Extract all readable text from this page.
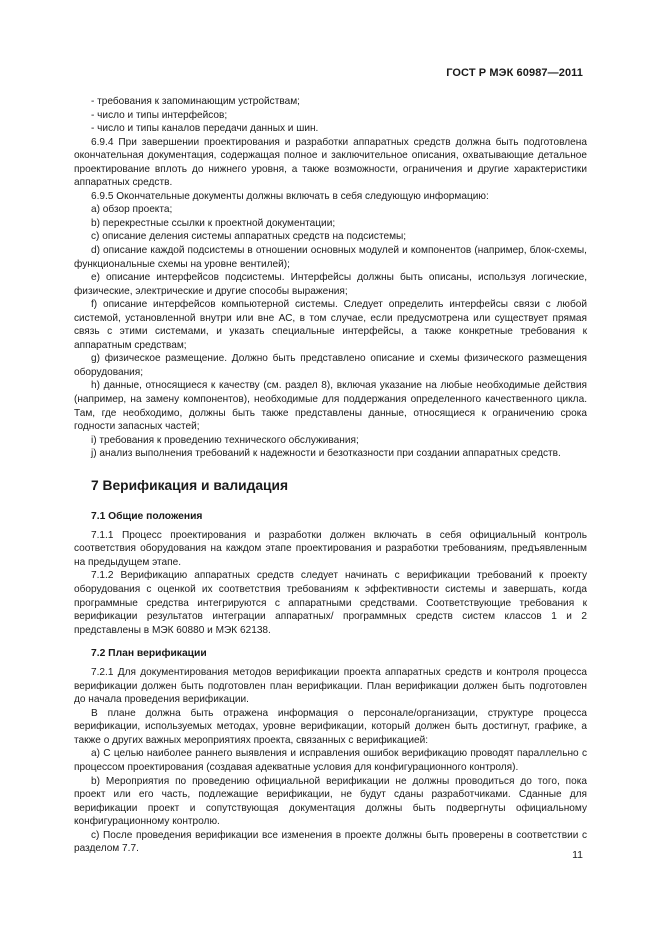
ГОСТ Р МЭК 60987—2011

- требования к запоминающим устройствам;

- число и типы интерфейсов;

- число и типы каналов передачи данных и шин.

6.9.4 При завершении проектирования и разработки аппаратных средств должна быть подготовлена окончательная документация, содержащая полное и заключительное описания, охватывающие детальное проектирование вплоть до нижнего уровня, а также возможности, ограничения и другие характеристики аппаратных средств.

6.9.5 Окончательные документы должны включать в себя следующую информацию:

a) обзор проекта;

b) перекрестные ссылки к проектной документации;

c) описание деления системы аппаратных средств на подсистемы;

d) описание каждой подсистемы в отношении основных модулей и компонентов (например, блок-схемы, функциональные схемы на уровне вентилей);

e) описание интерфейсов подсистемы. Интерфейсы должны быть описаны, используя логические, физические, электрические и другие способы выражения;

f) описание интерфейсов компьютерной системы. Следует определить интерфейсы связи с любой системой, установленной внутри или вне АС, в том случае, если предусмотрена или существует прямая связь с этими системами, и указать специальные интерфейсы, а также конкретные требования к аппаратным средствам;

g) физическое размещение. Должно быть представлено описание и схемы физического размещения оборудования;

h) данные, относящиеся к качеству (см. раздел 8), включая указание на любые необходимые действия (например, на замену компонентов), необходимые для поддержания определенного качественного цикла. Там, где необходимо, должны быть также представлены данные, относящиеся к ограничению срока годности запасных частей;

i) требования к проведению технического обслуживания;

j) анализ выполнения требований к надежности и безотказности при создании аппаратных средств.

7 Верификация и валидация
7.1 Общие положения

7.1.1 Процесс проектирования и разработки должен включать в себя официальный контроль соответствия оборудования на каждом этапе проектирования и разработки требованиям, предъявленным на предыдущем этапе.

7.1.2 Верификацию аппаратных средств следует начинать с верификации требований к проекту оборудования с оценкой их соответствия требованиям к эффективности системы и завершать, когда программные средства интегрируются с аппаратными средствами. Соответствующие требования к верификации результатов интеграции аппаратных/ программных средств систем классов 1 и 2 представлены в МЭК 60880 и МЭК 62138.

7.2 План верификации

7.2.1 Для документирования методов верификации проекта аппаратных средств и контроля процесса верификации должен быть подготовлен план верификации. План верификации должен быть подготовлен до начала проведения верификации.

В плане должна быть отражена информация о персонале/организации, структуре процесса верификации, используемых методах, уровне верификации, который должен быть достигнут, графике, а также о других важных мероприятиях проекта, связанных с верификацией:

a) С целью наиболее раннего выявления и исправления ошибок верификацию проводят параллельно с процессом проектирования (создавая адекватные условия для конфигурационного контроля).

b) Мероприятия по проведению официальной верификации не должны проводиться до того, пока проект или его часть, подлежащие верификации, не будут сданы разработчиками. Сданные для верификации проект и сопутствующая документация должны быть подвергнуты официальному конфигурационному контролю.

c) После проведения верификации все изменения в проекте должны быть проверены в соответствии с разделом 7.7.

11
